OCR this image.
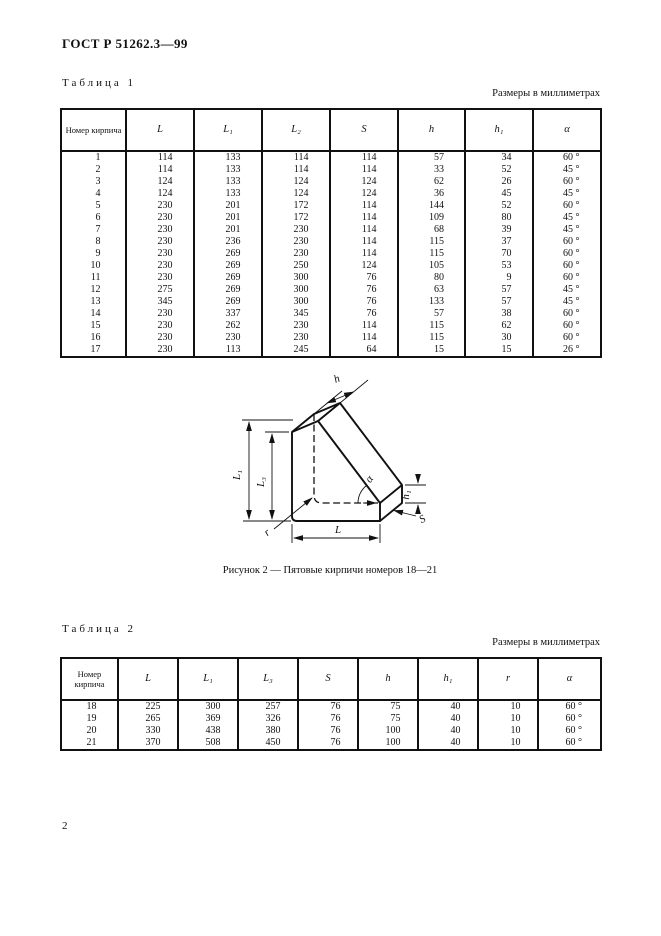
ГОСТ Р 51262.3—99
Таблица 1
Размеры в миллиметрах
Номер кирпича	L	L₁	L₂	S	h	h₁	α
1	114	133	114	114	57	34	60 °
2	114	133	114	114	33	52	45 °
3	124	133	124	124	62	26	60 °
4	124	133	124	124	36	45	45 °
5	230	201	172	114	144	52	60 °
6	230	201	172	114	109	80	45 °
7	230	201	230	114	68	39	45 °
8	230	236	230	114	115	37	60 °
9	230	269	230	114	115	70	60 °
10	230	269	250	124	105	53	60 °
11	230	269	300	76	80	9	60 °
12	275	269	300	76	63	57	45 °
13	345	269	300	76	133	57	45 °
14	230	337	345	76	57	38	60 °
15	230	262	230	114	115	62	60 °
16	230	230	230	114	115	30	60 °
17	230	113	245	64	15	15	26 °
L₁
L₃
h
α
h₁
S
L
r
Рисунок 2 — Пятовые кирпичи номеров 18—21
Таблица 2
Размеры в миллиметрах
Номер кирпича	L	L₁	L₃	S	h	h₁	r	α
18	225	300	257	76	75	40	10	60 °
19	265	369	326	76	75	40	10	60 °
20	330	438	380	76	100	40	10	60 °
21	370	508	450	76	100	40	10	60 °
2
